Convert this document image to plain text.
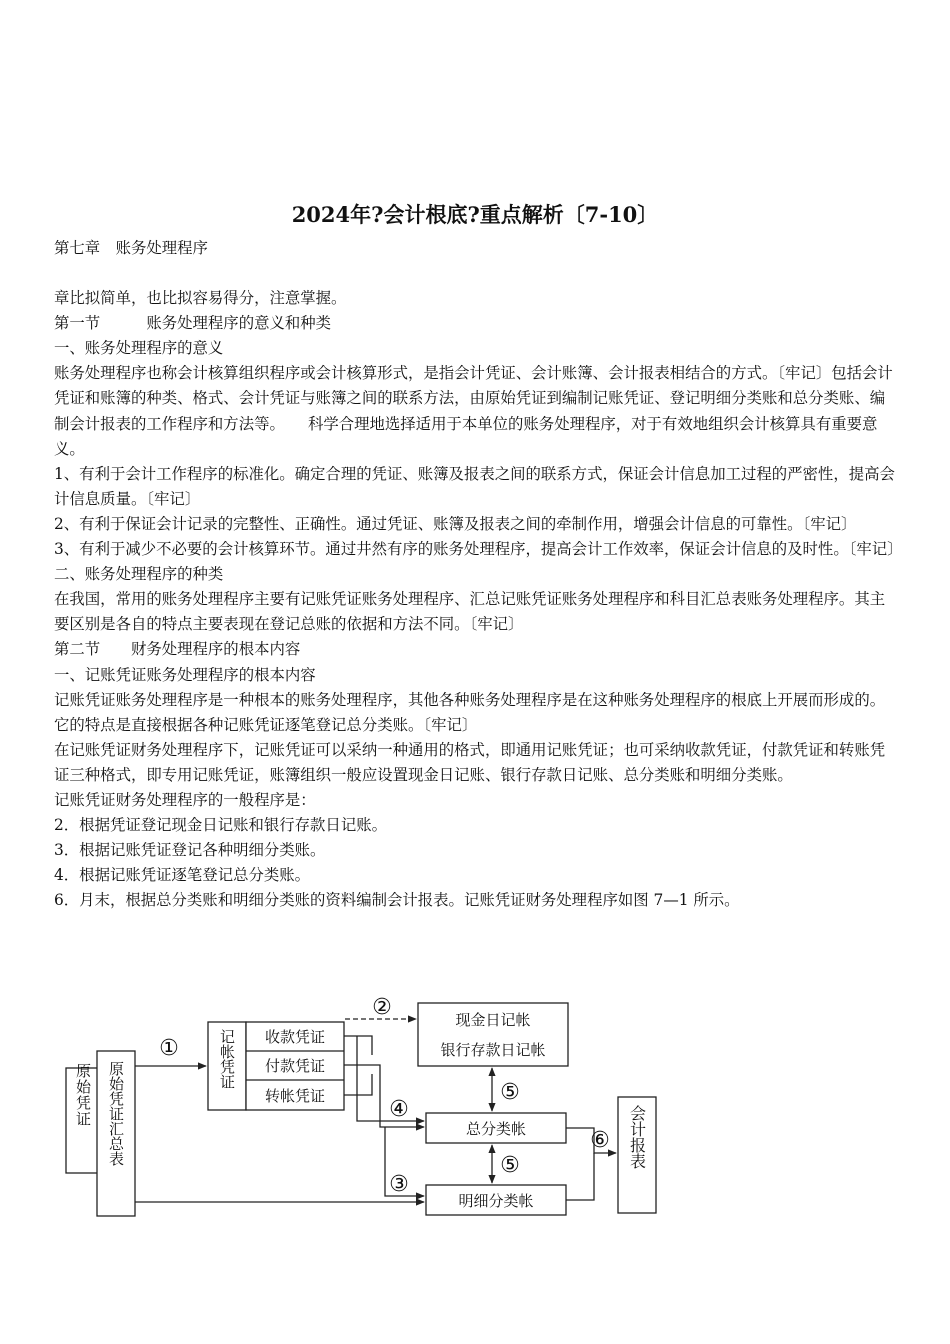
2024年?会计根底?重点解析〔7-10〕

第七章　账务处理程序

章比拟简单，也比拟容易得分，注意掌握。

第一节　　　账务处理程序的意义和种类

一、账务处理程序的意义

账务处理程序也称会计核算组织程序或会计核算形式，是指会计凭证、会计账簿、会计报表相结合的方式。〔牢记〕包括会计凭证和账簿的种类、格式、会计凭证与账簿之间的联系方法，由原始凭证到编制记账凭证、登记明细分类账和总分类账、编制会计报表的工作程序和方法等。　　科学合理地选择适用于本单位的账务处理程序，对于有效地组织会计核算具有重要意义。

1、有利于会计工作程序的标准化。确定合理的凭证、账簿及报表之间的联系方式，保证会计信息加工过程的严密性，提高会计信息质量。〔牢记〕

2、有利于保证会计记录的完整性、正确性。通过凭证、账簿及报表之间的牵制作用，增强会计信息的可靠性。〔牢记〕

3、有利于减少不必要的会计核算环节。通过井然有序的账务处理程序，提高会计工作效率，保证会计信息的及时性。〔牢记〕

二、账务处理程序的种类

在我国，常用的账务处理程序主要有记账凭证账务处理程序、汇总记账凭证账务处理程序和科目汇总表账务处理程序。其主要区别是各自的特点主要表现在登记总账的依据和方法不同。〔牢记〕

第二节　　财务处理程序的根本内容

一、记账凭证账务处理程序的根本内容

记账凭证账务处理程序是一种根本的账务处理程序，其他各种账务处理程序是在这种账务处理程序的根底上开展而形成的。它的特点是直接根据各种记账凭证逐笔登记总分类账。〔牢记〕

在记账凭证财务处理程序下，记账凭证可以采纳一种通用的格式，即通用记账凭证；也可采纳收款凭证，付款凭证和转账凭证三种格式，即专用记账凭证，账簿组织一般应设置现金日记账、银行存款日记账、总分类账和明细分类账。

记账凭证财务处理程序的一般程序是：

2．根据凭证登记现金日记账和银行存款日记账。

3．根据记账凭证登记各种明细分类账。

4．根据记账凭证逐笔登记总分类账。

6．月末，根据总分类账和明细分类账的资料编制会计报表。记账凭证财务处理程序如图 7—1 所示。

原始凭证 原始凭证汇总表
记帐凭证
会计报表
收款凭证
付款凭证
转帐凭证
现金日记帐
银行存款日记帐
总分类帐
明细分类帐
①
②
③
④
⑤
⑤
⑥
